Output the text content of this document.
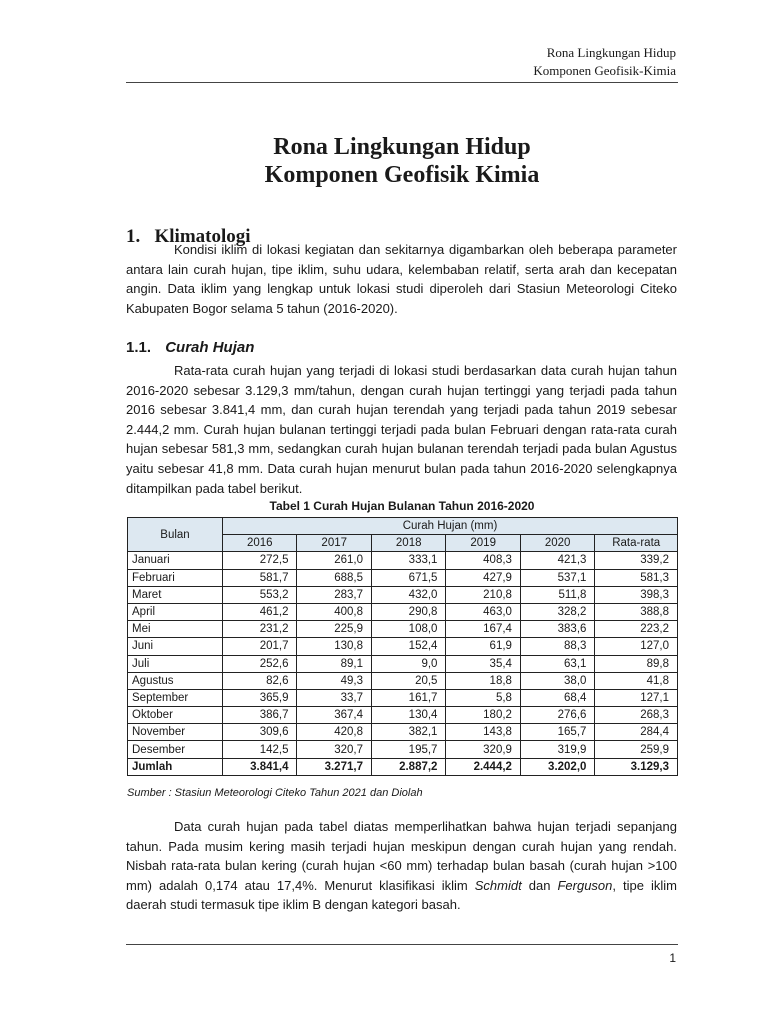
Rona Lingkungan Hidup
Komponen Geofisik-Kimia
Rona Lingkungan Hidup
Komponen Geofisik Kimia
1.   Klimatologi

Kondisi iklim di lokasi kegiatan dan sekitarnya digambarkan oleh beberapa parameter antara lain curah hujan, tipe iklim, suhu udara, kelembaban relatif, serta arah dan kecepatan angin. Data iklim yang lengkap untuk lokasi studi diperoleh dari Stasiun Meteorologi Citeko Kabupaten Bogor selama 5 tahun (2016-2020).

1.1. Curah Hujan

Rata-rata curah hujan yang terjadi di lokasi studi berdasarkan data curah hujan tahun 2016-2020 sebesar 3.129,3 mm/tahun, dengan curah hujan tertinggi yang terjadi pada tahun 2016 sebesar 3.841,4 mm, dan curah hujan terendah yang terjadi pada tahun 2019 sebesar 2.444,2 mm. Curah hujan bulanan tertinggi terjadi pada bulan Februari dengan rata-rata curah hujan sebesar 581,3 mm, sedangkan curah hujan bulanan terendah terjadi pada bulan Agustus yaitu sebesar 41,8 mm. Data curah hujan menurut bulan pada tahun 2016-2020 selengkapnya ditampilkan pada tabel berikut.

Tabel 1 Curah Hujan Bulanan Tahun 2016-2020
Bulan	Curah Hujan (mm)					
	2016	2017	2018	2019	2020	Rata-rata
Januari	272,5	261,0	333,1	408,3	421,3	339,2
Februari	581,7	688,5	671,5	427,9	537,1	581,3
Maret	553,2	283,7	432,0	210,8	511,8	398,3
April	461,2	400,8	290,8	463,0	328,2	388,8
Mei	231,2	225,9	108,0	167,4	383,6	223,2
Juni	201,7	130,8	152,4	61,9	88,3	127,0
Juli	252,6	89,1	9,0	35,4	63,1	89,8
Agustus	82,6	49,3	20,5	18,8	38,0	41,8
September	365,9	33,7	161,7	5,8	68,4	127,1
Oktober	386,7	367,4	130,4	180,2	276,6	268,3
November	309,6	420,8	382,1	143,8	165,7	284,4
Desember	142,5	320,7	195,7	320,9	319,9	259,9
Jumlah	3.841,4	3.271,7	2.887,2	2.444,2	3.202,0	3.129,3
Sumber : Stasiun Meteorologi Citeko Tahun 2021 dan Diolah

Data curah hujan pada tabel diatas memperlihatkan bahwa hujan terjadi sepanjang tahun. Pada musim kering masih terjadi hujan meskipun dengan curah hujan yang rendah. Nisbah rata-rata bulan kering (curah hujan <60 mm) terhadap bulan basah (curah hujan >100 mm) adalah 0,174 atau 17,4%. Menurut klasifikasi iklim Schmidt dan Ferguson, tipe iklim daerah studi termasuk tipe iklim B dengan kategori basah.

1
